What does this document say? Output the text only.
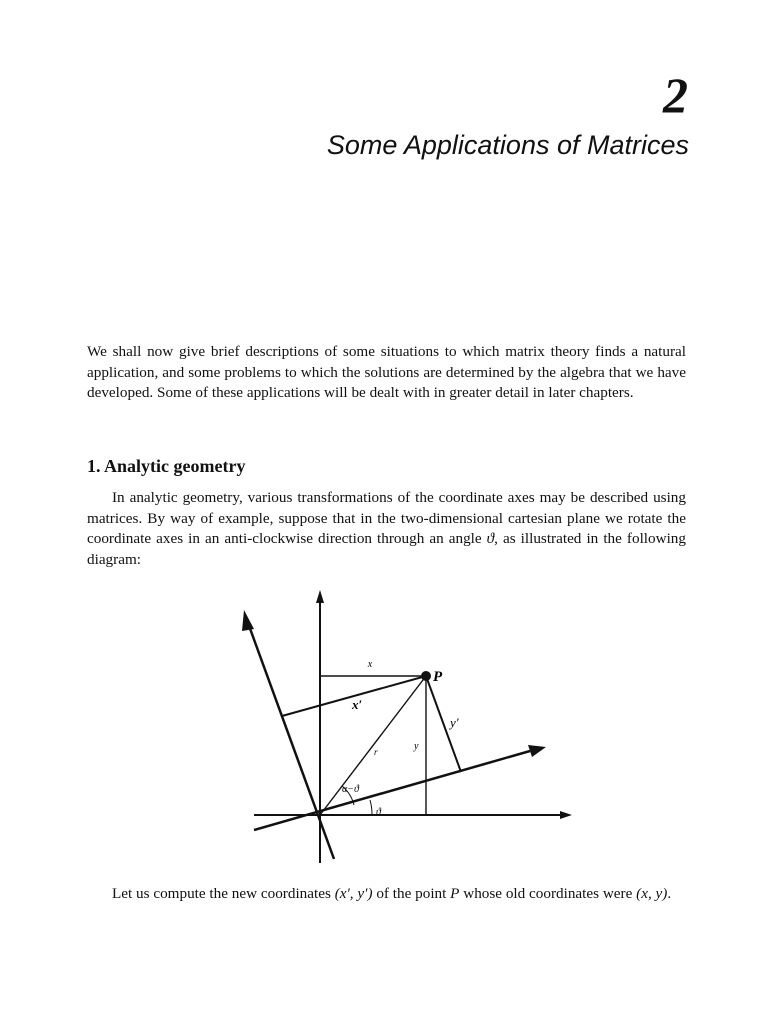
2
Some Applications of Matrices

We shall now give brief descriptions of some situations to which matrix theory finds a natural application, and some problems to which the solutions are determined by the algebra that we have developed. Some of these applications will be dealt with in greater detail in later chapters.

1. Analytic geometry

In analytic geometry, various transformations of the coordinate axes may be described using matrices. By way of example, suppose that in the two-dimensional cartesian plane we rotate the coordinate axes in an anti-clockwise direction through an angle ϑ, as illustrated in the following diagram:

x
P
x′
y′
y
r
α−ϑ
ϑ

Let us compute the new coordinates (x′, y′) of the point P whose old coordinates were (x, y).
